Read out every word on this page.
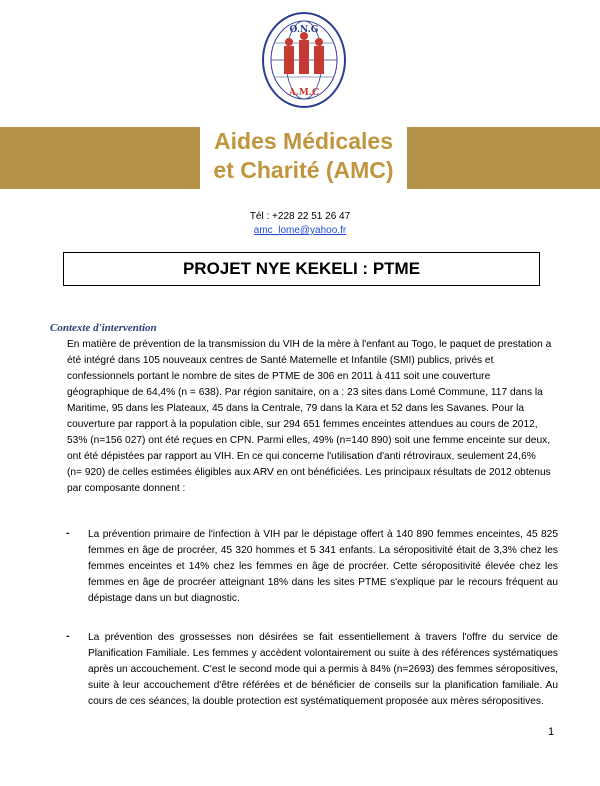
O.N.G
A.M.C
Aides Médicales
et Charité (AMC)
Tél : +228 22 51 26 47
amc_lome@yahoo.fr
PROJET NYE KEKELI : PTME
Contexte d'intervention
En matière de prévention de la transmission du VIH de la mère à l'enfant au Togo, le paquet de prestation a
été intégré dans 105 nouveaux centres de Santé Maternelle et Infantile (SMI) publics, privés et
confessionnels portant le nombre de sites de PTME de 306 en 2011 à 411 soit une couverture
géographique de 64,4% (n = 638). Par région sanitaire, on a : 23 sites dans Lomé Commune, 117 dans la
Maritime, 95 dans les Plateaux, 45 dans la Centrale, 79 dans la Kara et 52 dans les Savanes. Pour la
couverture par rapport à la population cible, sur 294 651 femmes enceintes attendues au cours de 2012,
53% (n=156 027) ont été reçues en CPN. Parmi elles, 49% (n=140 890) soit une femme enceinte sur deux,
ont été dépistées par rapport au VIH. En ce qui concerne l'utilisation d'anti rétroviraux, seulement 24,6%
(n= 920) de celles estimées éligibles aux ARV en ont bénéficiées. Les principaux résultats de 2012 obtenus
par composante donnent :
- La prévention primaire de l'infection à VIH par le dépistage offert à 140 890 femmes enceintes, 45 825 femmes en âge de procréer, 45 320 hommes et 5 341 enfants. La séropositivité était de 3,3% chez les femmes enceintes et 14% chez les femmes en âge de procréer. Cette séropositivité élevée chez les femmes en âge de procréer atteignant 18% dans les sites PTME s'explique par le recours fréquent au dépistage dans un but diagnostic.
- La prévention des grossesses non désirées se fait essentiellement à travers l'offre du service de Planification Familiale. Les femmes y accèdent volontairement ou suite à des références systématiques après un accouchement. C'est le second mode qui a permis à 84% (n=2693) des femmes séropositives, suite à leur accouchement d'être référées et de bénéficier de conseils sur la planification familiale. Au cours de ces séances, la double protection est systématiquement proposée aux mères séropositives.
1
